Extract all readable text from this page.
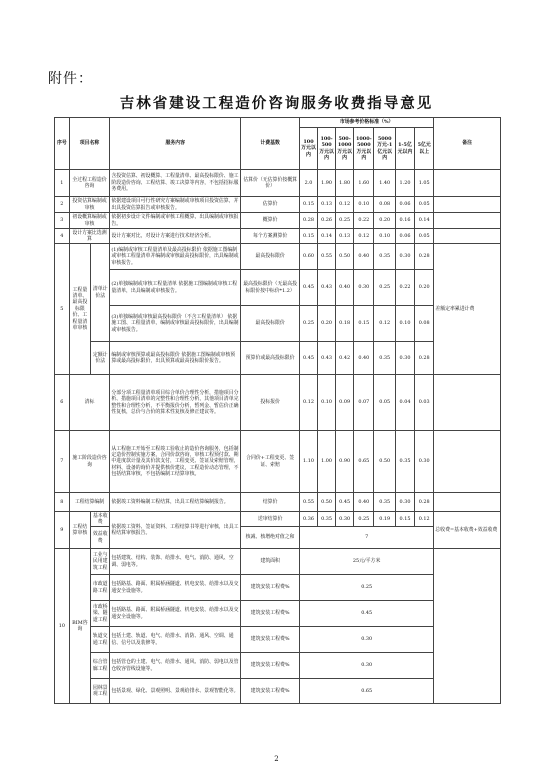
附件：
吉林省建设工程造价咨询服务收费指导意见
序号	项目名称		服务内容	计费基数	市场参考价格标准（%）							备注
					100万元以内	100-500万元以内	500-1000万元以内	1000-5000万元以内	5000万元-1亿元以内	1-5亿元以内	5亿元以上	
1	全过程工程造价咨询		含投资估算、初设概算、工程量清单、最高投标限价、施工阶段造价咨询、工程结算、竣工决算等内容，不包括招标服务费用。	估算价（无估算价按概算价）	2.0	1.90	1.80	1.60	1.40	1.20	1.05	
2	投资估算编制或审核		依据建设项目可行性研究方案编制或审核项目投资估算，并出具投资估算报告或审核报告。	估算价	0.15	0.13	0.12	0.10	0.08	0.06	0.05	
3	初设概算编制或审核		依据初步设计文件编制或审核工程概算，出具编制或审核报告。	概算价	0.28	0.26	0.25	0.22	0.20	0.16	0.14	
4	设计方案比选测算		设计方案对比，对设计方案进行技术经济分析。	每个方案测算价	0.15	0.14	0.13	0.12	0.10	0.06	0.05	
5	工程量清单、最高投标限价、工程量清单审核	清单计价法	(1)编制或审核工程量清单及最高投标限价 依据施工图编制或审核工程量清单并编制或审核最高投标限价，出具编制或审核报告。	最高投标限价	0.60	0.55	0.50	0.40	0.35	0.30	0.28	差额定率累进计费
			(2)单独编制或审核工程量清单 依据施工图编制或审核工程量清单，出具编制或审核报告。	最高投标限价（无最高投标限价按中标价*1.2）	0.45	0.43	0.40	0.30	0.25	0.22	0.20	
			(3)单独编制或审核最高投标限价（不含工程量清单） 依据施工图、工程量清单，编制或审核最高投标限价，出具编制或审核报告。	最高投标限价	0.25	0.20	0.18	0.15	0.12	0.10	0.08	
		定额计价法	编制或审核预算或最高投标限价 依据施工图编制或审核预算或最高投标限价，出具预算或最高投标限价报告。	预算价或最高投标限价	0.45	0.43	0.42	0.40	0.35	0.30	0.28	
6	清标		分部分项工程量清单项目综合单价合理性分析，措施项目分析、措施项目清单的完整性和合理性分析，其他项目清单完整性和合理性分析，不平衡报价分析，暂列金、暂估价正确性复核，总价与合价的算术性复核及修正建议等。	投标报价	0.12	0.10	0.09	0.07	0.05	0.04	0.03	
7	施工阶段造价咨询		从工程施工开始至工程竣工验收止的造价咨询服务，包括制定造价控制实施方案，合同价款咨询，审核工程预付款、期中进度款计量及其价款支付，工程变更、签证及索赔管理，材料、设备的询价并提供核价建议，工程造价动态管理，不包括结算审核，不包括编制工结算审核。	合同价+工程变更、签证、索赔	1.10	1.00	0.90	0.65	0.50	0.35	0.30	
8	工程结算编制		依据竣工资料编制工程结算，出具工程结算编制报告。	结算价	0.55	0.50	0.45	0.40	0.35	0.30	0.28	
9	工程结算审核	基本收费	依据竣工资料、签证资料、工程结算书等进行审核，出具工程结算审核报告。	送审结算价	0.36	0.35	0.30	0.25	0.19	0.15	0.12	总收费=基本收费+效益收费
		效益收费		核减、核增绝对值之和	7							
10	BIM咨询	工业与民用建筑工程	包括建筑、结构、装饰、给排水、电气、消防、通风、空调、弱电等。	建筑面积	25元/平方米							
		市政道路工程	包括路基、路面、附属桥涵隧道、机电安装、给排水以及交通安全设施等。	建筑安装工程费%	0.25							
		市政桥梁、隧道工程	包括路基、路面、附属桥涵隧道、机电安装、给排水以及交通安全设施等。	建筑安装工程费%	0.45							
		轨道交通工程	包括土建、轨道、电气、给排水、消防、通风、空调、通信、信号以及装修等。	建筑安装工程费%	0.30							
		综合管廊工程	包括管仓的土建、电气、给排水、通风、消防、弱电以及管仓收容管线设施等。	建筑安装工程费%	0.30							
		园林景观工程	包括景观、绿化、景观照明、景观给排水、景观智能化等。	建筑安装工程费%	0.65							
2
